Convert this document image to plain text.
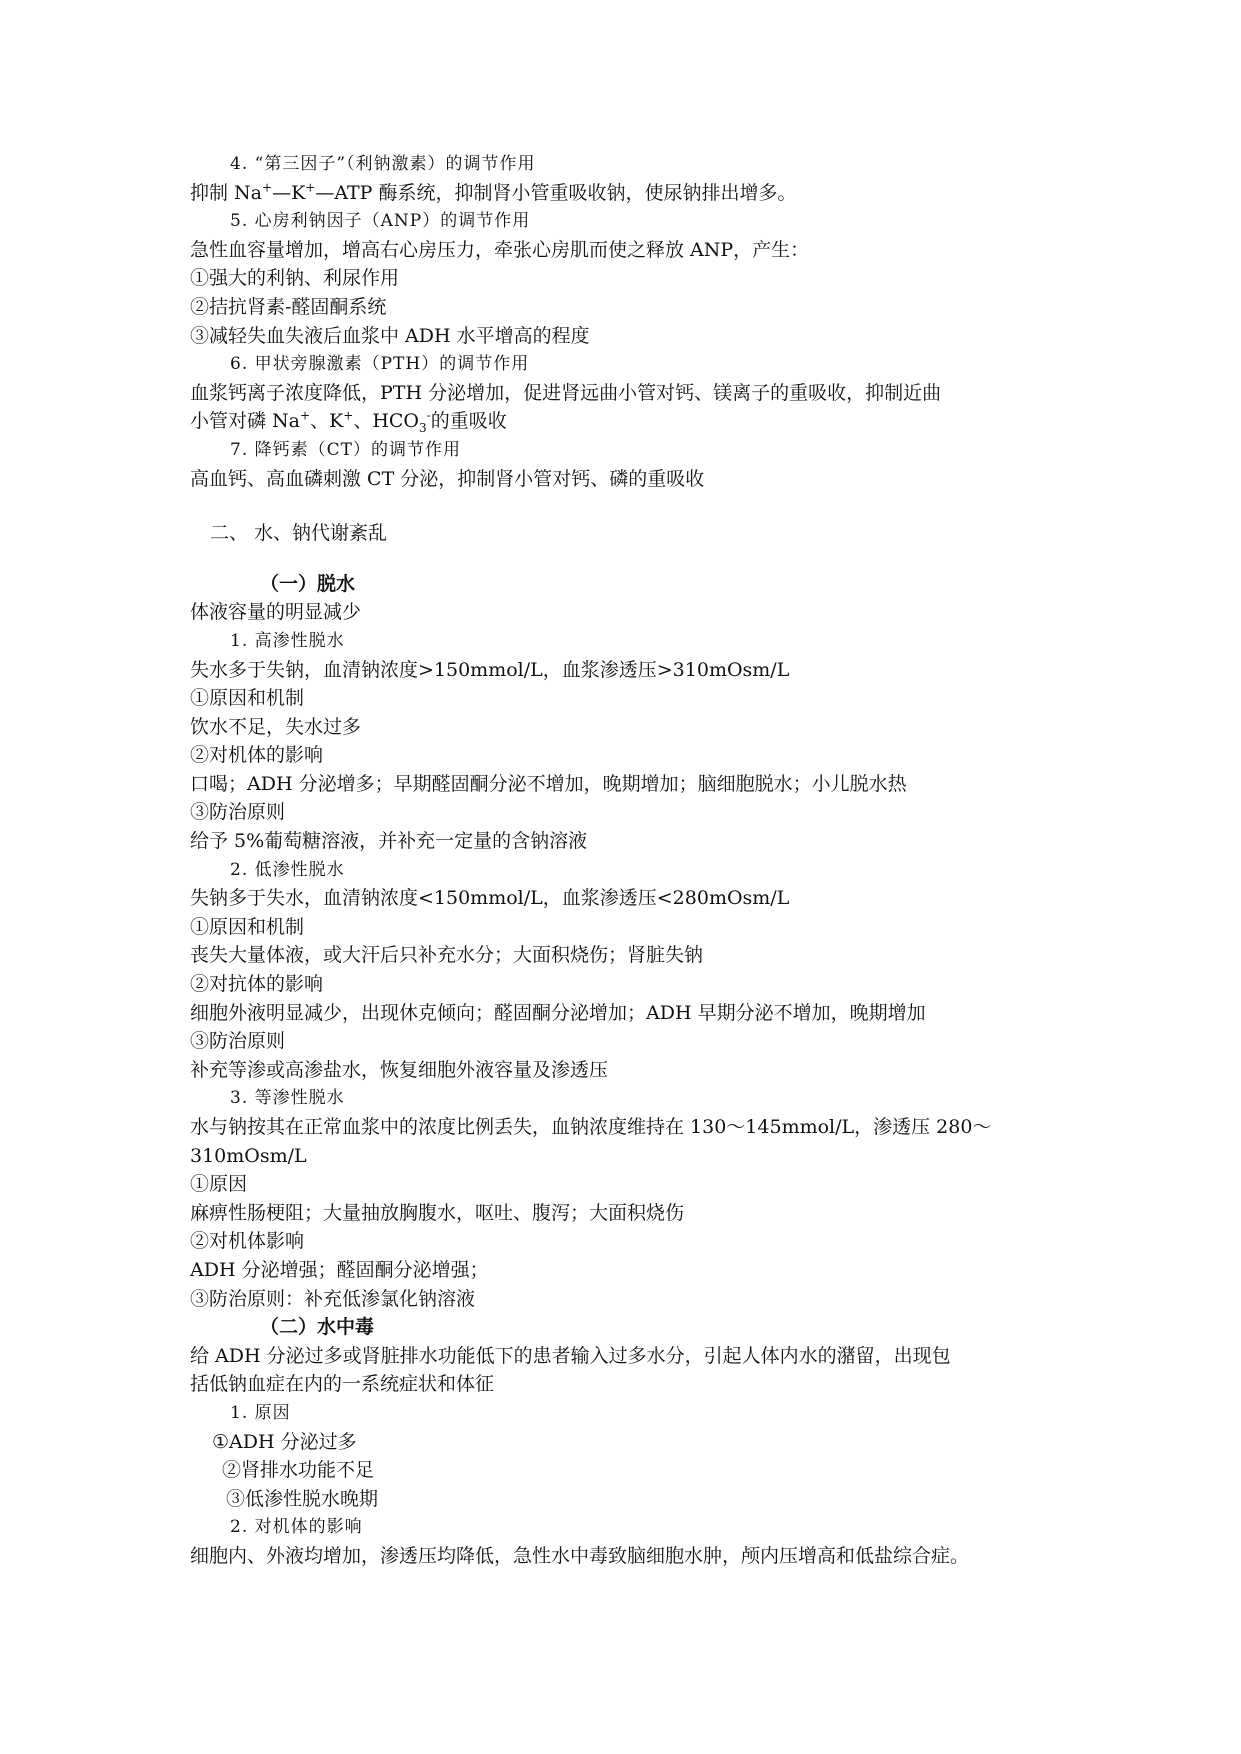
4. “第三因子”（利钠激素）的调节作用
抑制 Na+—K+—ATP 酶系统，抑制肾小管重吸收钠，使尿钠排出增多。
5. 心房利钠因子（ANP）的调节作用
急性血容量增加，增高右心房压力，牵张心房肌而使之释放 ANP，产生：
①强大的利钠、利尿作用
②拮抗肾素-醛固酮系统
③减轻失血失液后血浆中 ADH 水平增高的程度
6. 甲状旁腺激素（PTH）的调节作用
血浆钙离子浓度降低，PTH 分泌增加，促进肾远曲小管对钙、镁离子的重吸收，抑制近曲
小管对磷 Na+、K+、$HCO_3^-$的重吸收
7. 降钙素（CT）的调节作用
高血钙、高血磷刺激 CT 分泌，抑制肾小管对钙、磷的重吸收
二、 水、钠代谢紊乱
（一）脱水
体液容量的明显减少
1. 高渗性脱水
失水多于失钠，血清钠浓度>150mmol/L，血浆渗透压>310mOsm/L
①原因和机制
饮水不足，失水过多
②对机体的影响
口喝；ADH 分泌增多；早期醛固酮分泌不增加，晚期增加；脑细胞脱水；小儿脱水热
③防治原则
给予 5%葡萄糖溶液，并补充一定量的含钠溶液
2. 低渗性脱水
失钠多于失水，血清钠浓度<150mmol/L，血浆渗透压<280mOsm/L
①原因和机制
丧失大量体液，或大汗后只补充水分；大面积烧伤；肾脏失钠
②对抗体的影响
细胞外液明显减少，出现休克倾向；醛固酮分泌增加；ADH 早期分泌不增加，晚期增加
③防治原则
补充等渗或高渗盐水，恢复细胞外液容量及渗透压
3. 等渗性脱水
水与钠按其在正常血浆中的浓度比例丢失，血钠浓度维持在 130～145mmol/L，渗透压 280～
310mOsm/L
①原因
麻痹性肠梗阻；大量抽放胸腹水，呕吐、腹泻；大面积烧伤
②对机体影响
ADH 分泌增强；醛固酮分泌增强；
③防治原则：补充低渗氯化钠溶液
（二）水中毒
给 ADH 分泌过多或肾脏排水功能低下的患者输入过多水分，引起人体内水的潴留，出现包
括低钠血症在内的一系统症状和体征
1. 原因
①ADH 分泌过多
②肾排水功能不足
③低渗性脱水晚期
2. 对机体的影响
细胞内、外液均增加，渗透压均降低，急性水中毒致脑细胞水肿，颅内压增高和低盐综合症。
